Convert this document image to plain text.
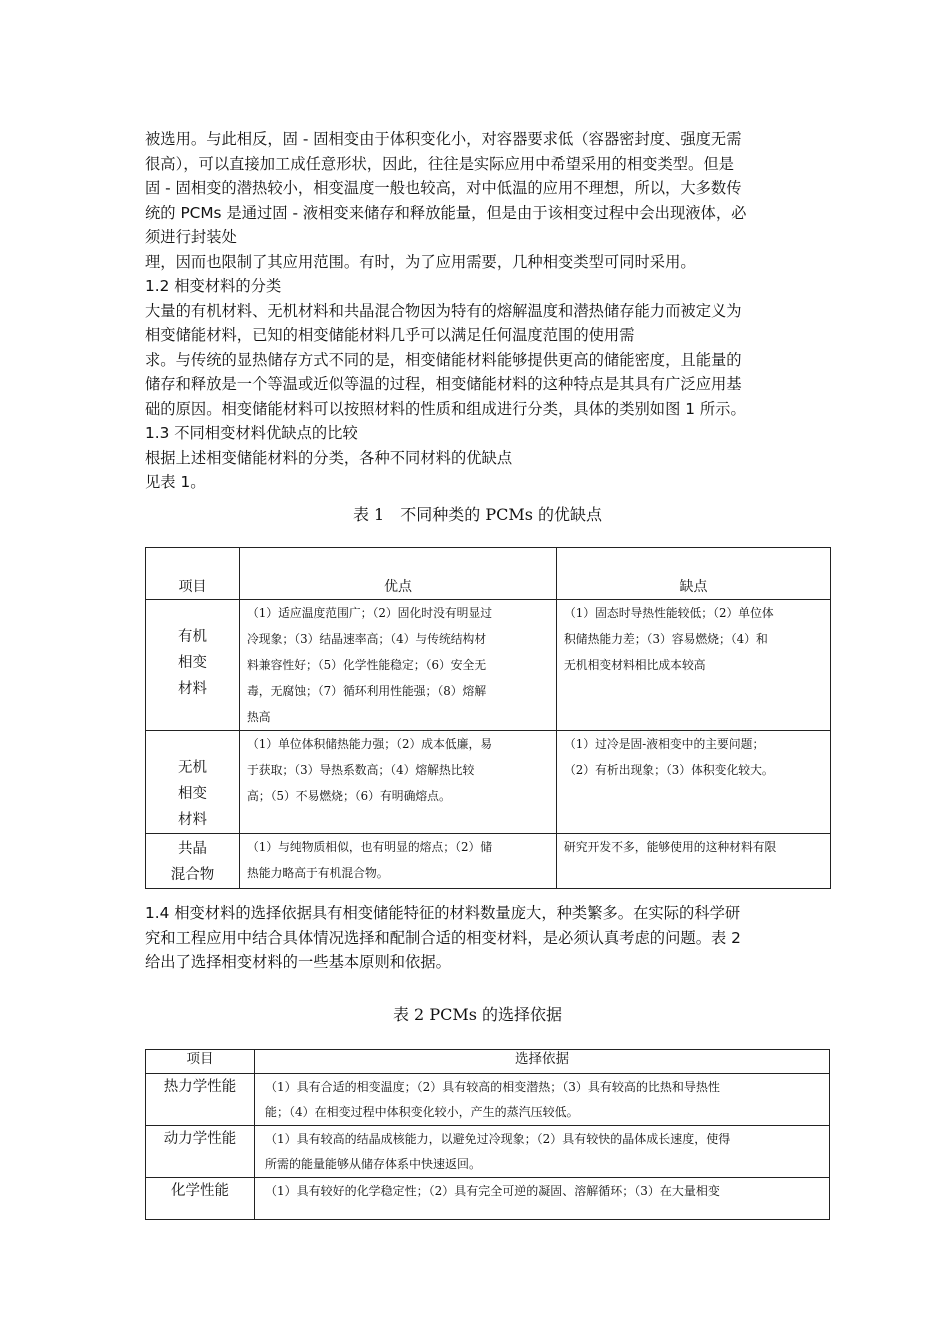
被选用。与此相反，固 - 固相变由于体积变化小，对容器要求低（容器密封度、强度无需
很高），可以直接加工成任意形状，因此，往往是实际应用中希望采用的相变类型。但是
固 - 固相变的潜热较小，相变温度一般也较高，对中低温的应用不理想，所以，大多数传
统的 PCMs 是通过固 - 液相变来储存和释放能量，但是由于该相变过程中会出现液体，必
须进行封装处
理，因而也限制了其应用范围。有时，为了应用需要，几种相变类型可同时采用。
1.2 相变材料的分类
大量的有机材料、无机材料和共晶混合物因为特有的熔解温度和潜热储存能力而被定义为
相变储能材料，已知的相变储能材料几乎可以满足任何温度范围的使用需
求。与传统的显热储存方式不同的是，相变储能材料能够提供更高的储能密度，且能量的
储存和释放是一个等温或近似等温的过程，相变储能材料的这种特点是其具有广泛应用基
础的原因。相变储能材料可以按照材料的性质和组成进行分类，具体的类别如图 1 所示。
1.3 不同相变材料优缺点的比较
根据上述相变储能材料的分类，各种不同材料的优缺点
见表 1。
表 1　不同种类的 PCMs 的优缺点
项目	优点	缺点

有机
相变
材料	（1）适应温度范围广；（2）固化时没有明显过
冷现象；（3）结晶速率高；（4）与传统结构材
料兼容性好；（5）化学性能稳定；（6）安全无
毒，无腐蚀；（7）循环利用性能强；（8）熔解
热高	（1）固态时导热性能较低；（2）单位体
积储热能力差；（3）容易燃烧；（4）和
无机相变材料相比成本较高

无机
相变
材料	（1）单位体积储热能力强；（2）成本低廉，易
于获取；（3）导热系数高；（4）熔解热比较
高；（5）不易燃烧；（6）有明确熔点。	（1）过冷是固-液相变中的主要问题；
（2）有析出现象；（3）体积变化较大。

共晶
混合物	（1）与纯物质相似，也有明显的熔点；（2）储
热能力略高于有机混合物。	研究开发不多，能够使用的这种材料有限
1.4 相变材料的选择依据具有相变储能特征的材料数量庞大，种类繁多。在实际的科学研
究和工程应用中结合具体情况选择和配制合适的相变材料，是必须认真考虑的问题。表 2
给出了选择相变材料的一些基本原则和依据。
表 2 PCMs 的选择依据
项目	选择依据
热力学性能	（1）具有合适的相变温度；（2）具有较高的相变潜热；（3）具有较高的比热和导热性
能；（4）在相变过程中体积变化较小，产生的蒸汽压较低。

动力学性能	（1）具有较高的结晶成核能力，以避免过冷现象；（2）具有较快的晶体成长速度，使得
所需的能量能够从储存体系中快速返回。

化学性能	（1）具有较好的化学稳定性；（2）具有完全可逆的凝固、溶解循环；（3）在大量相变
